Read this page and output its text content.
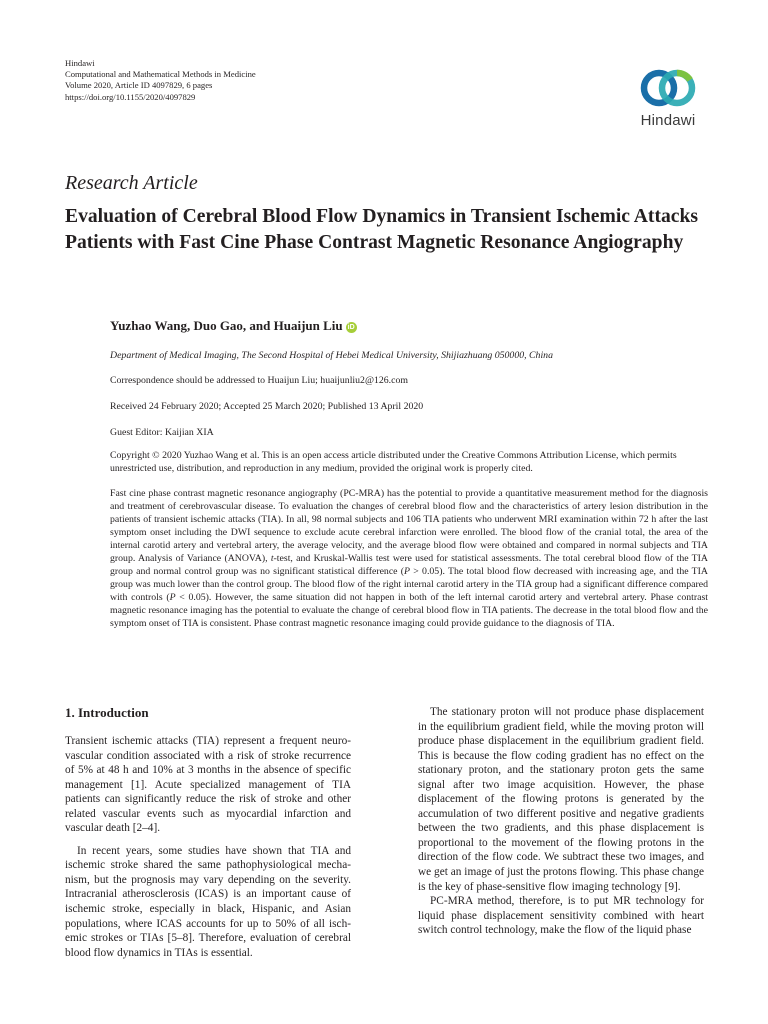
Hindawi
Computational and Mathematical Methods in Medicine
Volume 2020, Article ID 4097829, 6 pages
https://doi.org/10.1155/2020/4097829
Hindawi
Research Article
Evaluation of Cerebral Blood Flow Dynamics in Transient Ischemic Attacks Patients with Fast Cine Phase Contrast Magnetic Resonance Angiography
Yuzhao Wang, Duo Gao, and Huaijun Liu iD
Department of Medical Imaging, The Second Hospital of Hebei Medical University, Shijiazhuang 050000, China
Correspondence should be addressed to Huaijun Liu; huaijunliu2@126.com
Received 24 February 2020; Accepted 25 March 2020; Published 13 April 2020
Guest Editor: Kaijian XIA
Copyright © 2020 Yuzhao Wang et al. This is an open access article distributed under the Creative Commons Attribution License, which permits unrestricted use, distribution, and reproduction in any medium, provided the original work is properly cited.

Fast cine phase contrast magnetic resonance angiography (PC-MRA) has the potential to provide a quantitative measurement method for the diagnosis and treatment of cerebrovascular disease. To evaluation the changes of cerebral blood flow and the characteristics of artery lesion distribution in the patients of transient ischemic attacks (TIA). In all, 98 normal subjects and 106 TIA patients who underwent MRI examination within 72 h after the last symptom onset including the DWI sequence to exclude acute cerebral infarction were enrolled. The blood flow of the cranial total, the area of the internal carotid artery and vertebral artery, the average velocity, and the average blood flow were obtained and compared in normal subjects and TIA group. Analysis of Variance (ANOVA), t-test, and Kruskal-Wallis test were used for statistical assessments. The total cerebral blood flow of the TIA group and normal control group was no significant statistical difference (P > 0.05). The total blood flow decreased with increasing age, and the TIA group was much lower than the control group. The blood flow of the right internal carotid artery in the TIA group had a significant difference compared with controls (P < 0.05). However, the same situation did not happen in both of the left internal carotid artery and vertebral artery. Phase contrast magnetic resonance imaging has the potential to evaluate the change of cerebral blood flow in TIA patients. The decrease in the total blood flow and the symptom onset of TIA is consistent. Phase contrast magnetic resonance imaging could provide guidance to the diagnosis of TIA.

1. Introduction

Transient ischemic attacks (TIA) represent a frequent neurovascular condition associated with a risk of stroke recurrence of 5% at 48 h and 10% at 3 months in the absence of specific management [1]. Acute specialized management of TIA patients can significantly reduce the risk of stroke and other related vascular events such as myocardial infarction and vascular death [2–4].

In recent years, some studies have shown that TIA and ischemic stroke shared the same pathophysiological mechanism, but the prognosis may vary depending on the severity. Intracranial atherosclerosis (ICAS) is an important cause of ischemic stroke, especially in black, Hispanic, and Asian populations, where ICAS accounts for up to 50% of all ischemic strokes or TIAs [5–8]. Therefore, evaluation of cerebral blood flow dynamics in TIAs is essential.

The stationary proton will not produce phase displacement in the equilibrium gradient field, while the moving proton will produce phase displacement in the equilibrium gradient field. This is because the flow coding gradient has no effect on the stationary proton, and the stationary proton gets the same signal after two image acquisition. However, the phase displacement of the flowing protons is generated by the accumulation of two different positive and negative gradients between the two gradients, and this phase displacement is proportional to the movement of the flowing protons in the direction of the flow code. We subtract these two images, and we get an image of just the protons flowing. This phase change is the key of phase-sensitive flow imaging technology [9].

PC-MRA method, therefore, is to put MR technology for liquid phase displacement sensitivity combined with heart switch control technology, make the flow of the liquid phase
